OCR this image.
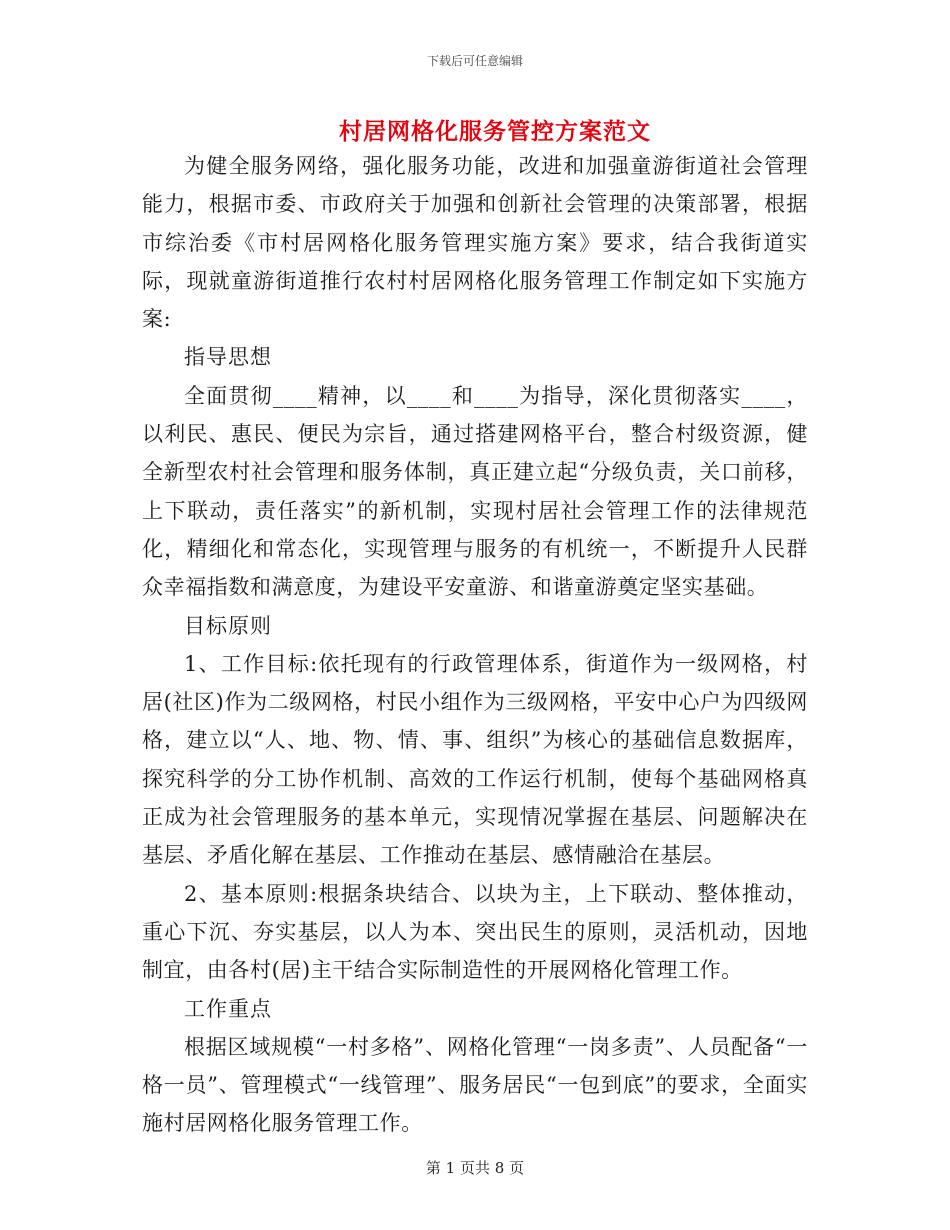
下载后可任意编辑
村居网格化服务管控方案范文

为健全服务网络，强化服务功能，改进和加强童游街道社会管理能力，根据市委、市政府关于加强和创新社会管理的决策部署，根据市综治委《市村居网格化服务管理实施方案》要求，结合我街道实际，现就童游街道推行农村村居网格化服务管理工作制定如下实施方案:

指导思想

全面贯彻____精神，以____和____为指导，深化贯彻落实____，以利民、惠民、便民为宗旨，通过搭建网格平台，整合村级资源，健全新型农村社会管理和服务体制，真正建立起“分级负责，关口前移，上下联动，责任落实”的新机制，实现村居社会管理工作的法律规范化，精细化和常态化，实现管理与服务的有机统一，不断提升人民群众幸福指数和满意度，为建设平安童游、和谐童游奠定坚实基础。

目标原则

1、工作目标:依托现有的行政管理体系，街道作为一级网格，村居(社区)作为二级网格，村民小组作为三级网格，平安中心户为四级网格，建立以“人、地、物、情、事、组织”为核心的基础信息数据库，探究科学的分工协作机制、高效的工作运行机制，使每个基础网格真正成为社会管理服务的基本单元，实现情况掌握在基层、问题解决在基层、矛盾化解在基层、工作推动在基层、感情融洽在基层。

2、基本原则:根据条块结合、以块为主，上下联动、整体推动，重心下沉、夯实基层，以人为本、突出民生的原则，灵活机动，因地制宜，由各村(居)主干结合实际制造性的开展网格化管理工作。

工作重点

根据区域规模“一村多格”、网格化管理“一岗多责”、人员配备“一格一员”、管理模式“一线管理”、服务居民“一包到底”的要求，全面实施村居网格化服务管理工作。

第 1 页共 8 页
